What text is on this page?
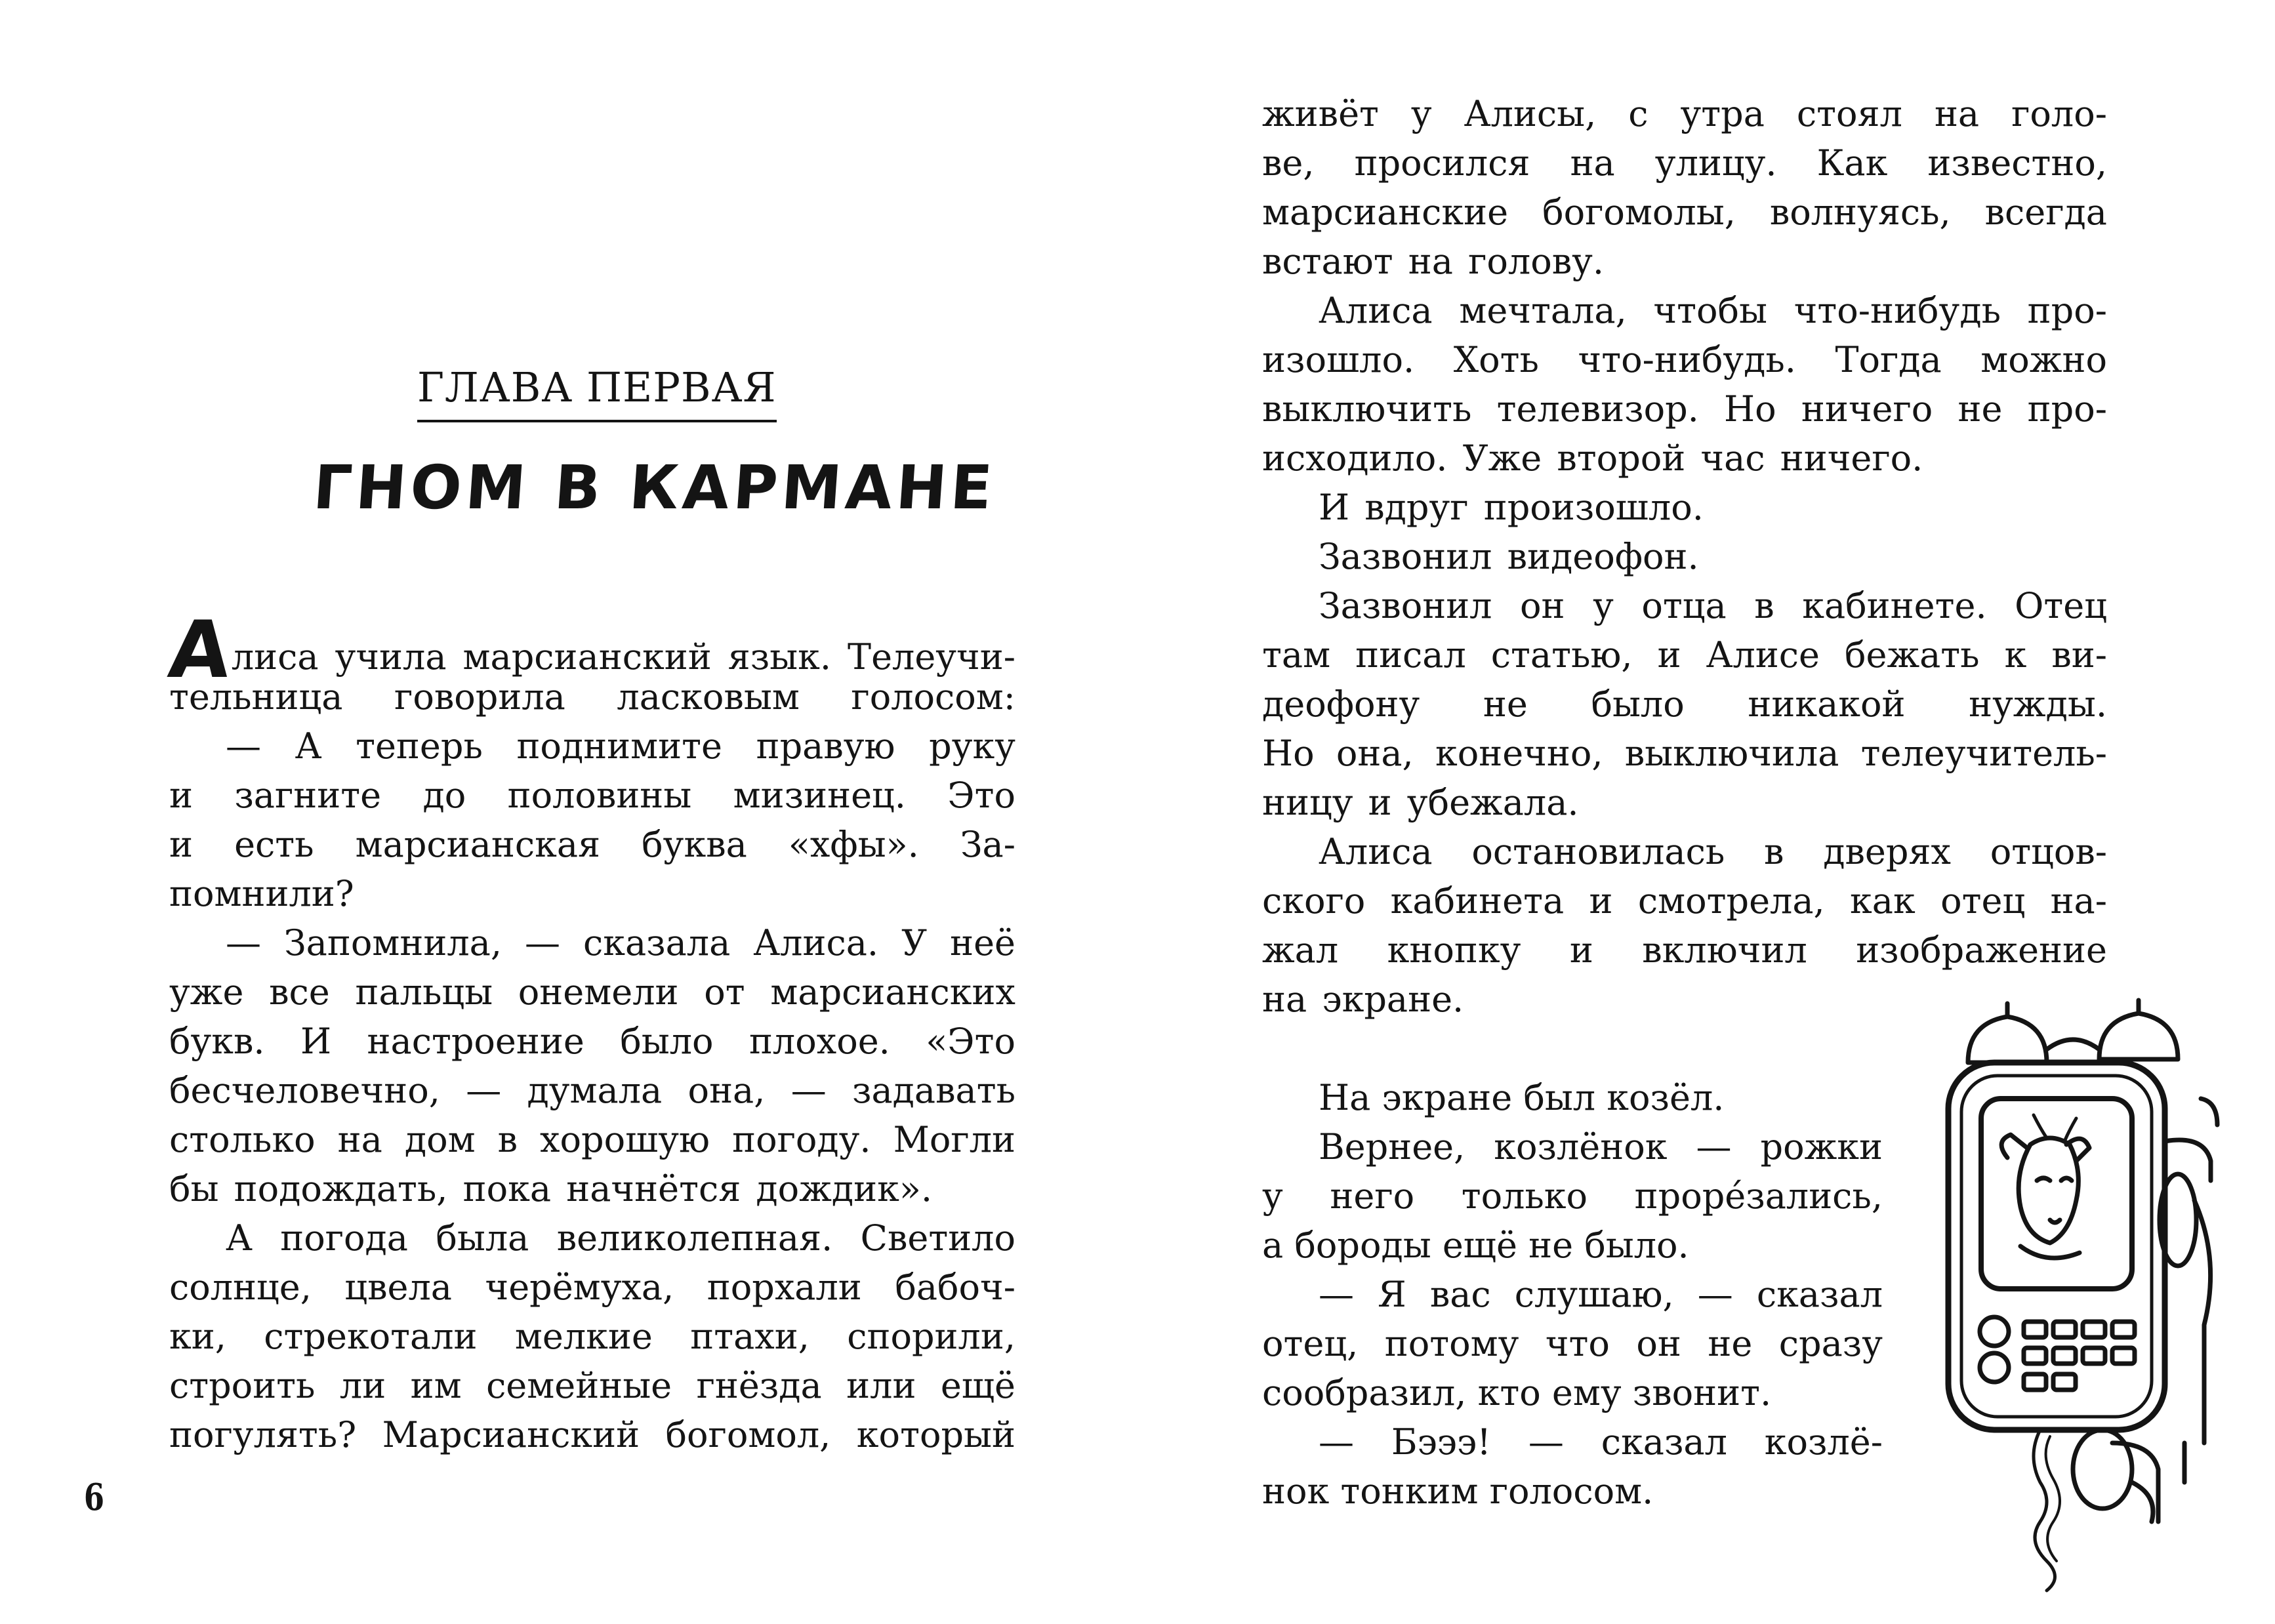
ГЛАВА ПЕРВАЯ
ГНОМ В КАРМАНЕ
Алиса учила марсианский язык. Телеучи-
тельница говорила ласковым голосом:
— А теперь поднимите правую руку
и загните до половины мизинец. Это
и есть марсианская буква «хфы». За-
помнили?
— Запомнила, — сказала Алиса. У неё
уже все пальцы онемели от марсианских
букв. И настроение было плохое. «Это
бесчеловечно, — думала она, — задавать
столько на дом в хорошую погоду. Могли
бы подождать, пока начнётся дождик».
А погода была великолепная. Светило
солнце, цвела черёмуха, порхали бабоч-
ки, стрекотали мелкие птахи, спорили,
строить ли им семейные гнёзда или ещё
погулять? Марсианский богомол, который
6
живёт у Алисы, с утра стоял на голо-
ве, просился на улицу. Как известно,
марсианские богомолы, волнуясь, всегда
встают на голову.
Алиса мечтала, чтобы что-нибудь про-
изошло. Хоть что-нибудь. Тогда можно
выключить телевизор. Но ничего не про-
исходило. Уже второй час ничего.
И вдруг произошло.
Зазвонил видеофон.
Зазвонил он у отца в кабинете. Отец
там писал статью, и Алисе бежать к ви-
деофону не было никакой нужды.
Но она, конечно, выключила телеучитель-
ницу и убежала.
Алиса остановилась в дверях отцов-
ского кабинета и смотрела, как отец на-
жал кнопку и включил изображение
на экране.
На экране был козёл.
Вернее, козлёнок — рожки
у него только прорéзались,
а бороды ещё не было.
— Я вас слушаю, — сказал
отец, потому что он не сразу
сообразил, кто ему звонит.
— Бэээ! — сказал козлё-
нок тонким голосом.
